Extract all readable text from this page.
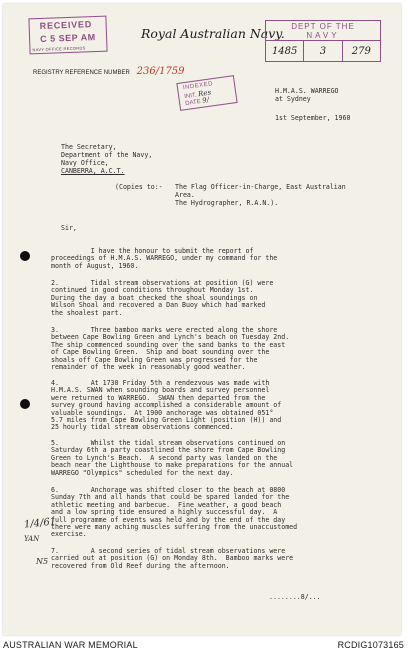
RECEIVED
C 5 SEP AM
NAVY OFFICE RECORDS
REGISTRY REFERENCE NUMBER 236/1759
Royal Australian Navy. DEPT OF THE
NAVY
1485	3	279
INDEXED
INIT. Res
DATE 9/
H.M.A.S. WARREGO
at Sydney
1st September, 1960
The Secretary,
Department of the Navy,
Navy Office,
CANBERRA, A.C.T.
(Copies to:- The Flag Officer-in-Charge, East Australian
Area.
The Hydrographer, R.A.N.).
Sir,
I have the honour to submit the report of
proceedings of H.M.A.S. WARREGO, under my command for the
month of August, 1960.
2.        Tidal stream observations at position (G) were
continued in good conditions throughout Monday 1st.
During the day a boat checked the shoal soundings on
Wilson Shoal and recovered a Dan Buoy which had marked
the shoalest part.
3.        Three bamboo marks were erected along the shore
between Cape Bowling Green and Lynch's beach on Tuesday 2nd.
The ship commenced sounding over the sand banks to the east
of Cape Bowling Green.  Ship and boat sounding over the
shoals off Cape Bowling Green was progressed for the
remainder of the week in reasonably good weather.
4.        At 1730 Friday 5th a rendezvous was made with
H.M.A.S. SWAN when sounding boards and survey personnel
were returned to WARREGO.  SWAN then departed from the
survey ground having accomplished a considerable amount of
valuable soundings.  At 1900 anchorage was obtained 051°
5.7 miles from Cape Bowling Green Light (position (H)) and
25 hourly tidal stream observations commenced.
5.        Whilst the tidal stream observations continued on
Saturday 6th a party coastlined the shore from Cape Bowling
Green to Lynch's Beach.  A second party was landed on the
beach near the Lighthouse to make preparations for the annual
WARREGO "Olympics" scheduled for the next day.
6.        Anchorage was shifted closer to the beach at 0800
Sunday 7th and all hands that could be spared landed for the
athletic meeting and barbecue.  Fine weather, a good beach
and a low spring tide ensured a highly successful day.  A
full programme of events was held and by the end of the day
there were many aching muscles suffering from the unaccustomed
exercise.
7.        A second series of tidal stream observations were
carried out at position (G) on Monday 8th.  Bamboo marks were
recovered from Old Reef during the afternoon.
........8/...
1/4/61
YAN
N5
AUSTRALIAN WAR MEMORIAL	RCDIG1073165
